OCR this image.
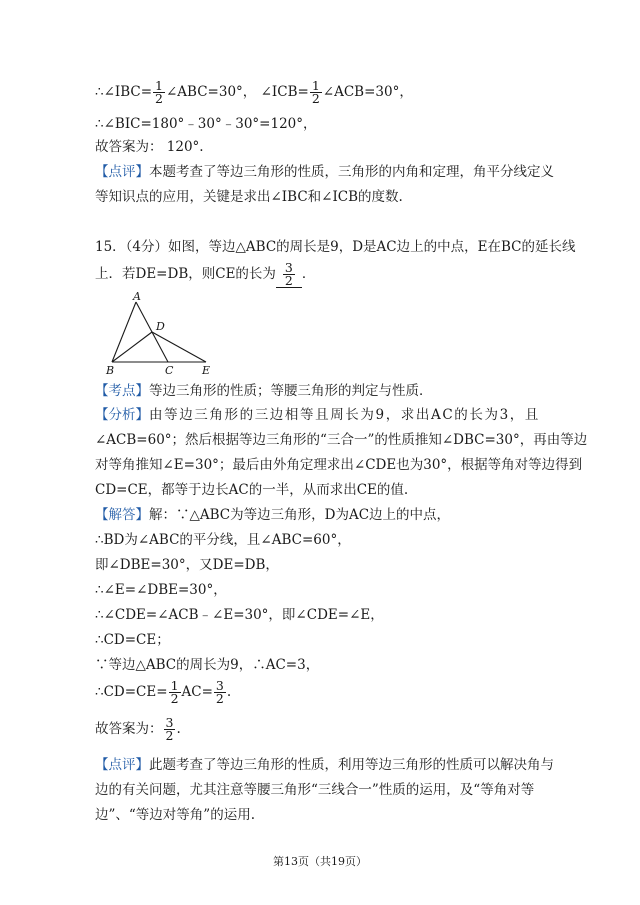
∴∠IBC= $\frac{1}{2}$ ∠ABC=30°， ∠ICB= $\frac{1}{2}$ ∠ACB=30°，
∴∠BIC=180°﹣30°﹣30°=120°，
故答案为： 120°.
【点评】本题考查了等边三角形的性质，三角形的内角和定理，角平分线定义
等知识点的应用，关键是求出∠IBC和∠ICB的度数.
15．（4分）如图，等边△ABC的周长是9，D是AC边上的中点，E在BC的延长线
上．若DE=DB，则CE的长为 $\frac{3}{2}$ ．
A
D
B	C	E
【考点】等边三角形的性质；等腰三角形的判定与性质．
【分析】由等边三角形的三边相等且周长为9，求出AC的长为3，且
∠ACB=60°；然后根据等边三角形的“三合一”的性质推知∠DBC=30°，再由等边
对等角推知∠E=30°；最后由外角定理求出∠CDE也为30°，根据等角对等边得到
CD=CE，都等于边长AC的一半，从而求出CE的值.
【解答】解：∵△ABC为等边三角形，D为AC边上的中点，
∴BD为∠ABC的平分线，且∠ABC=60°，
即∠DBE=30°，又DE=DB，
∴∠E=∠DBE=30°，
∴∠CDE=∠ACB﹣∠E=30°，即∠CDE=∠E，
∴CD=CE；
∵等边△ABC的周长为9，∴AC=3，
∴CD=CE= $\frac{1}{2} AC= \frac{3}{2}$ .
故答案为： $\frac{3}{2}$ .
【点评】此题考查了等边三角形的性质，利用等边三角形的性质可以解决角与
边的有关问题，尤其注意等腰三角形“三线合一”性质的运用，及“等角对等
边”、“等边对等角”的运用.
第13页（共19页）
